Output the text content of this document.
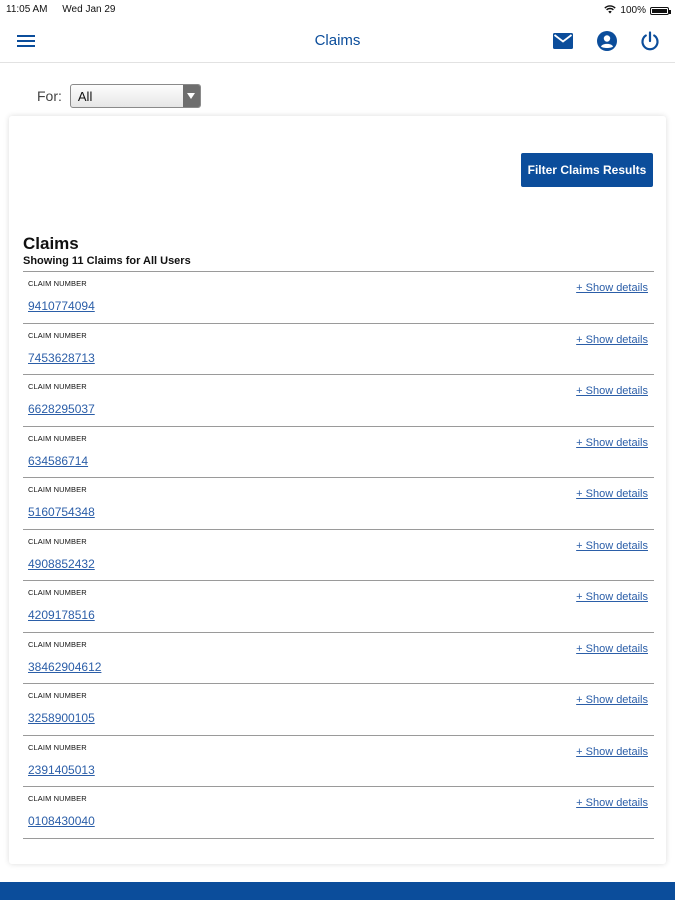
11:05 AM Wed Jan 29	100%
Claims
For: All
Filter Claims Results
Claims
Showing 11 Claims for All Users
CLAIM NUMBER
9410774094
+ Show details
CLAIM NUMBER
7453628713
+ Show details
CLAIM NUMBER
6628295037
+ Show details
CLAIM NUMBER
634586714
+ Show details
CLAIM NUMBER
5160754348
+ Show details
CLAIM NUMBER
4908852432
+ Show details
CLAIM NUMBER
4209178516
+ Show details
CLAIM NUMBER
38462904612
+ Show details
CLAIM NUMBER
3258900105
+ Show details
CLAIM NUMBER
2391405013
+ Show details
CLAIM NUMBER
0108430040
+ Show details
